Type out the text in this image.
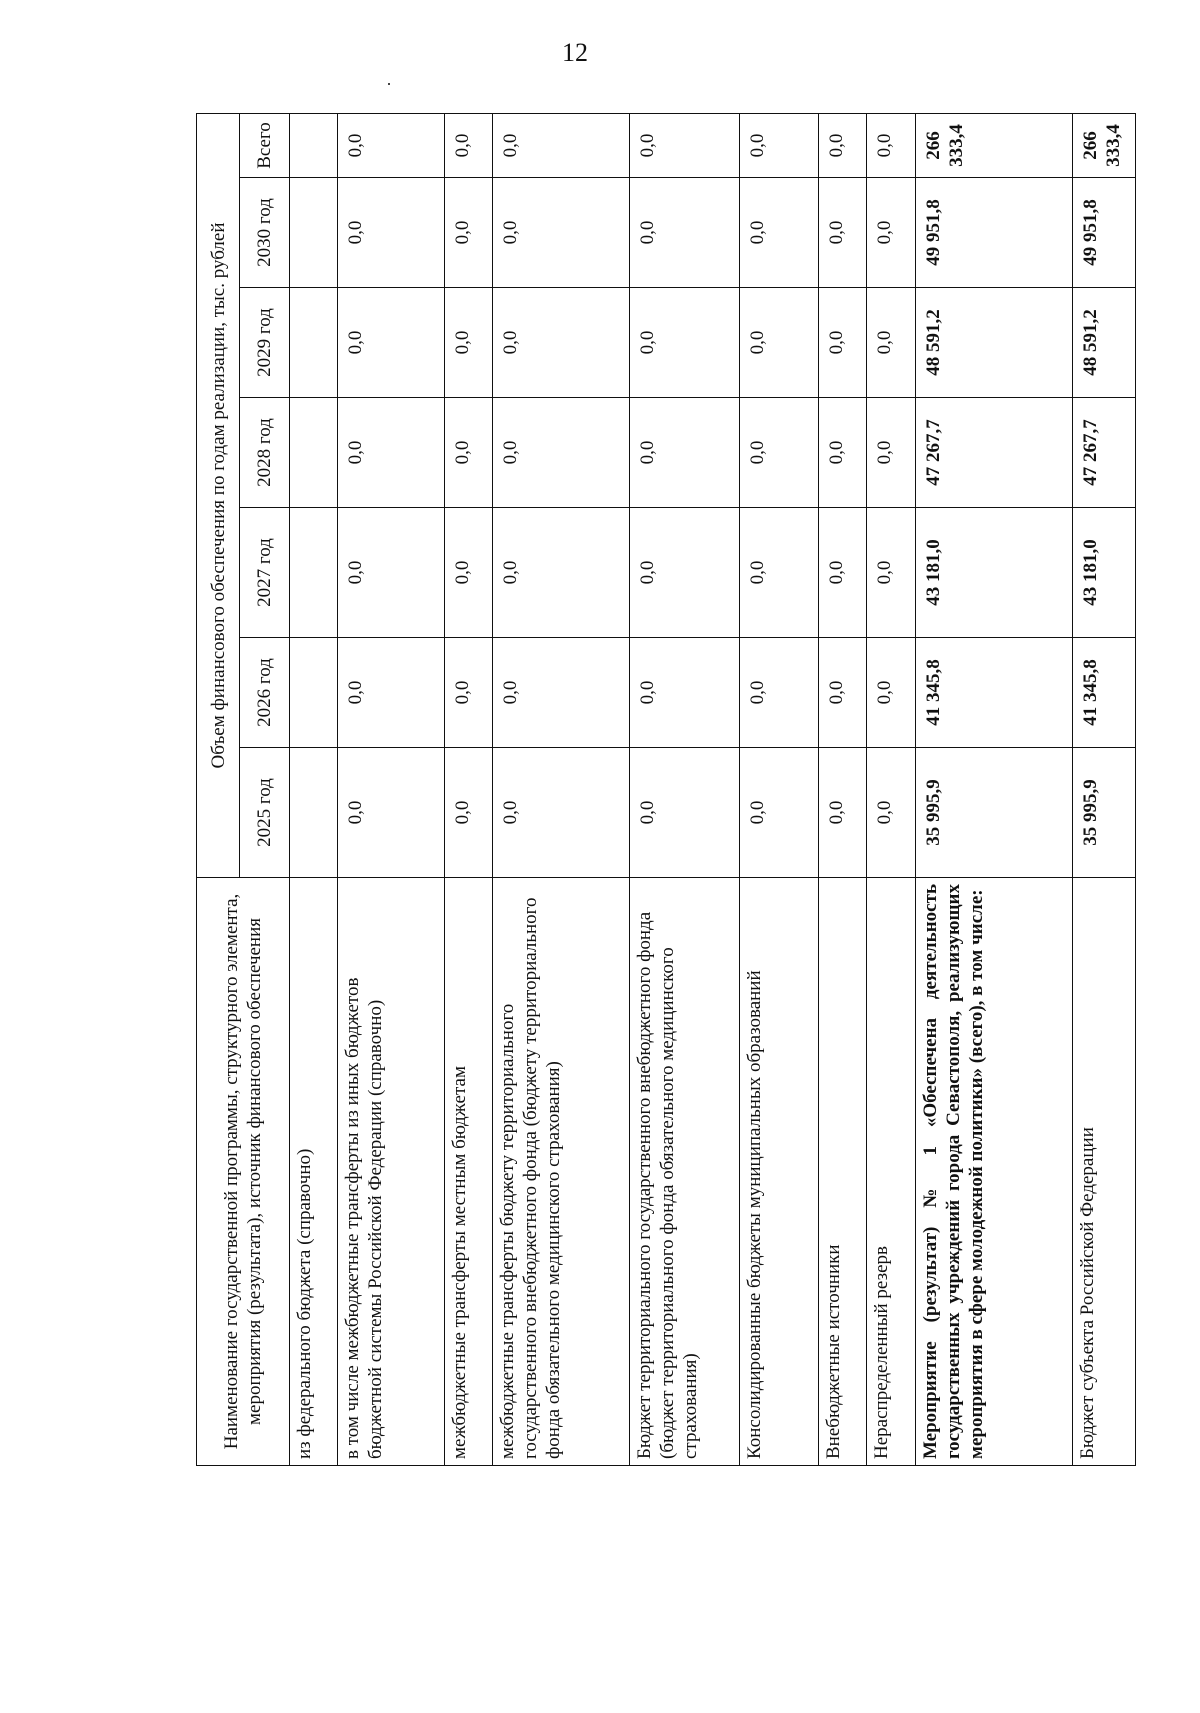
12
Наименование государственной программы, структурного элемента, мероприятия (результата), источник финансового обеспечения	Объем финансового обеспечения по годам реализации, тыс. рублей						
	2025 год	2026 год	2027 год	2028 год	2029 год	2030 год	Всего
из федерального бюджета (справочно)							
в том числе межбюджетные трансферты из иных бюджетов бюджетной системы Российской Федерации (справочно)	0,0	0,0	0,0	0,0	0,0	0,0	0,0
межбюджетные трансферты местным бюджетам	0,0	0,0	0,0	0,0	0,0	0,0	0,0
межбюджетные трансферты бюджету территориального государственного внебюджетного фонда (бюджету территориального фонда обязательного медицинского страхования)	0,0	0,0	0,0	0,0	0,0	0,0	0,0
Бюджет территориального государственного внебюджетного фонда (бюджет территориального фонда обязательного медицинского страхования)	0,0	0,0	0,0	0,0	0,0	0,0	0,0
Консолидированные бюджеты муниципальных образований	0,0	0,0	0,0	0,0	0,0	0,0	0,0
Внебюджетные источники	0,0	0,0	0,0	0,0	0,0	0,0	0,0
Нераспределенный резерв	0,0	0,0	0,0	0,0	0,0	0,0	0,0
Мероприятие (результат) № 1 «Обеспечена деятельность государственных учреждений города Севастополя, реализующих мероприятия в сфере молодежной политики» (всего), в том числе:	35 995,9	41 345,8	43 181,0	47 267,7	48 591,2	49 951,8	266 333,4
Бюджет субъекта Российской Федерации	35 995,9	41 345,8	43 181,0	47 267,7	48 591,2	49 951,8	266 333,4
